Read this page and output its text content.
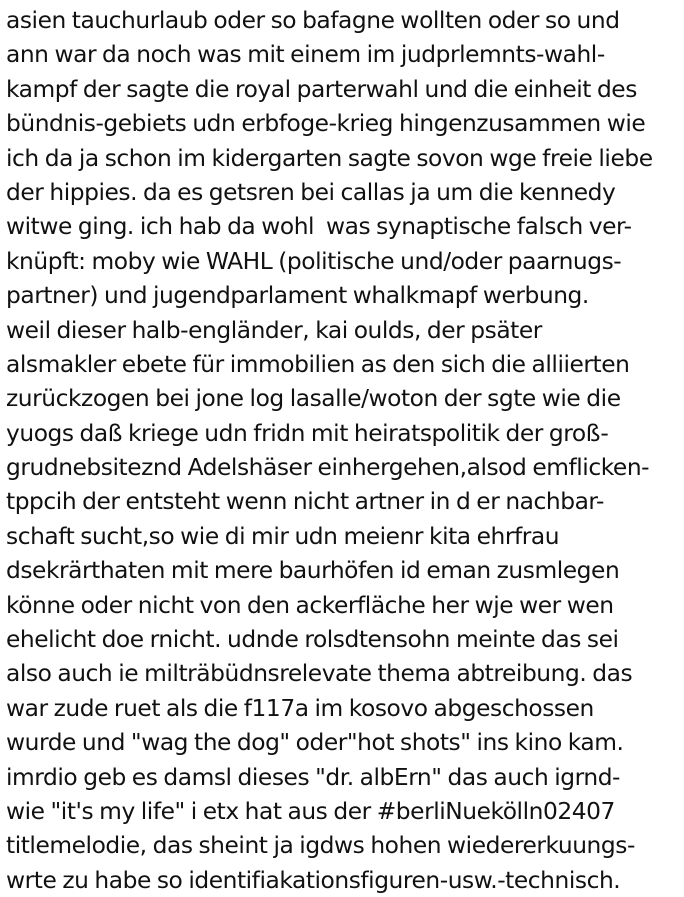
asien tauchurlaub oder so bafagne wollten oder so und
ann war da noch was mit einem im judprlemnts-wahl-
kampf der sagte die royal parterwahl und die einheit des
bündnis-gebiets udn erbfoge-krieg hingenzusammen wie
ich da ja schon im kidergarten sagte sovon wge freie liebe
der hippies. da es getsren bei callas ja um die kennedy
witwe ging. ich hab da wohl  was synaptische falsch ver-
knüpft: moby wie WAHL (politische und/oder paarnugs-
partner) und jugendparlament whalkmapf werbung.
weil dieser halb-engländer, kai oulds, der psäter
alsmakler ebete für immobilien as den sich die alliierten
zurückzogen bei jone log lasalle/woton der sgte wie die
yuogs daß kriege udn fridn mit heiratspolitik der groß-
grudnebsiteznd Adelshäser einhergehen,alsod emflicken-
tppcih der entsteht wenn nicht artner in d er nachbar-
schaft sucht,so wie di mir udn meienr kita ehrfrau
dsekrärthaten mit mere baurhöfen id eman zusmlegen
könne oder nicht von den ackerfläche her wje wer wen
ehelicht doe rnicht. udnde rolsdtensohn meinte das sei
also auch ie milträbüdnsrelevate thema abtreibung. das
war zude ruet als die f117a im kosovo abgeschossen
wurde und "wag the dog" oder"hot shots" ins kino kam.
imrdio geb es damsl dieses "dr. albErn" das auch igrnd-
wie "it's my life" i etx hat aus der #berliNuekölln02407
titlemelodie, das sheint ja igdws hohen wiedererkuungs-
wrte zu habe so identifiakationsfiguren-usw.-technisch.
